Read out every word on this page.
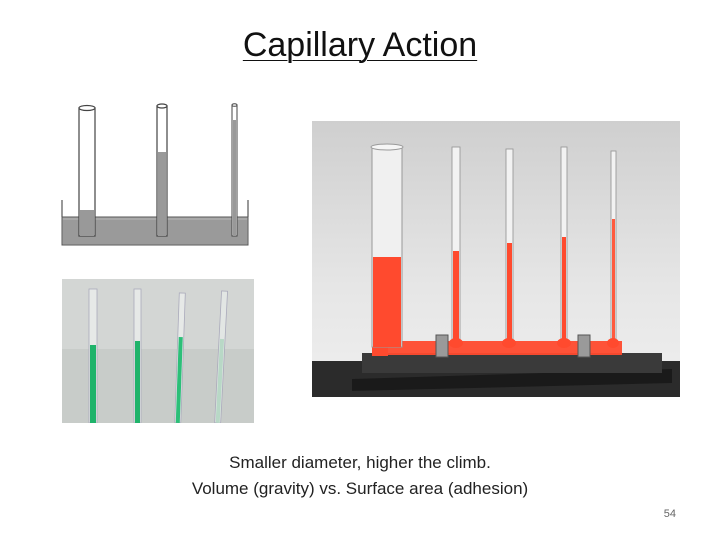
Capillary Action
Smaller diameter, higher the climb.
Volume (gravity) vs. Surface area (adhesion)
54
